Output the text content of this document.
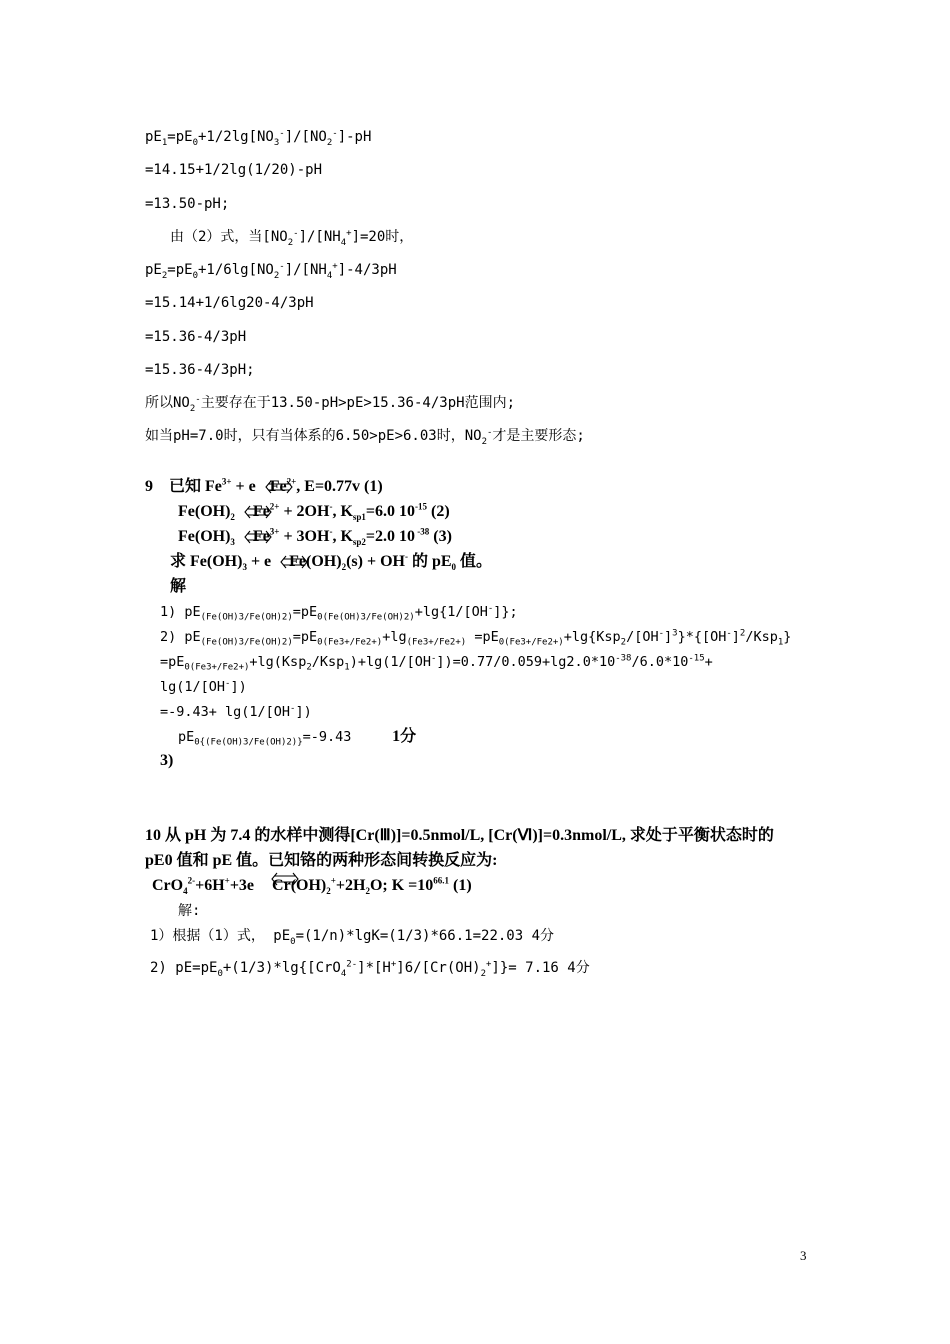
$pE_1=pE_0+1/2\lg[NO_3^-]/[NO_2^-]-pH$
=14.15+1/2lg(1/20)-pH
=13.50-pH;
由（2）式，当$[NO_2^-]/[NH_4^+]=20$时，
$pE_2=pE_0+1/6\lg[NO_2^-]/[NH_4^+]-4/3pH$
=15.14+1/6lg20-4/3pH
=15.36-4/3pH
=15.36-4/3pH;
所以$NO_2^-$主要存在于13.50-pH>pE>15.36-4/3pH范围内;
如当pH=7.0时，只有当体系的6.50>pE>6.03时，$NO_2^-$才是主要形态;
9 已知 $Fe^{3+} + e$ $Fe^{2+}$, E=0.77v (1)
$Fe(OH)_2$ $Fe^{2+} + 2OH^-$, $K_{sp1}=6.0$ $10^{-15}$ (2)
$Fe(OH)_3$ $Fe^{3+} + 3OH^-$, $K_{sp2}=2.0$ 10 $^{-38}$ (3)
求 $Fe(OH)_3 + e$ $Fe(OH)_2(s) + OH^-$ 的 $pE_0$ 值。
解
1) $pE_{(Fe(OH)3/Fe(OH)2)}=pE_{0(Fe(OH)3/Fe(OH)2)}+\lg\{1/[OH^-]\}$;
2) $pE_{(Fe(OH)3/Fe(OH)2)}=pE_{0(Fe3+/Fe2+)}+\lg_{(Fe3+/Fe2+)} =pE_{0(Fe3+/Fe2+)}+\lg\{Ksp_2/[OH^-]^3\}*\{[OH^-]^2/Ksp_1\}$
$=pE_{0(Fe3+/Fe2+)}+\lg(Ksp_2/Ksp_1)+\lg(1/[OH^-])=0.77/0.059+\lg 2.0*10^{-38}/6.0*10^{-15}+$
lg(1/[OH-])
=-9.43+ lg(1/[OH-])
$pE_{0\{(Fe(OH)3/Fe(OH)2)\}}=-9.43$	1分
3)
10 从 pH 为 7.4 的水样中测得[Cr(Ⅲ)]=0.5nmol/L, [Cr(Ⅵ)]=0.3nmol/L, 求处于平衡状态时的
pE0 值和 pE 值。已知铬的两种形态间转换反应为:
CrO$_4^{2-}$+6H++3e $Cr(OH)_2^++2H_2O$; $K =10^{66.1}$ (1)
解:
1）根据（1）式， $pE_0=(1/n)*\lg K=(1/3)*66.1=22.03$ 4分
2) $pE=pE_0+(1/3)*\lg\{[CrO_4^{2-}]*[H^+]6/[Cr(OH)_2^+]\}= 7.16$ 4分
3
